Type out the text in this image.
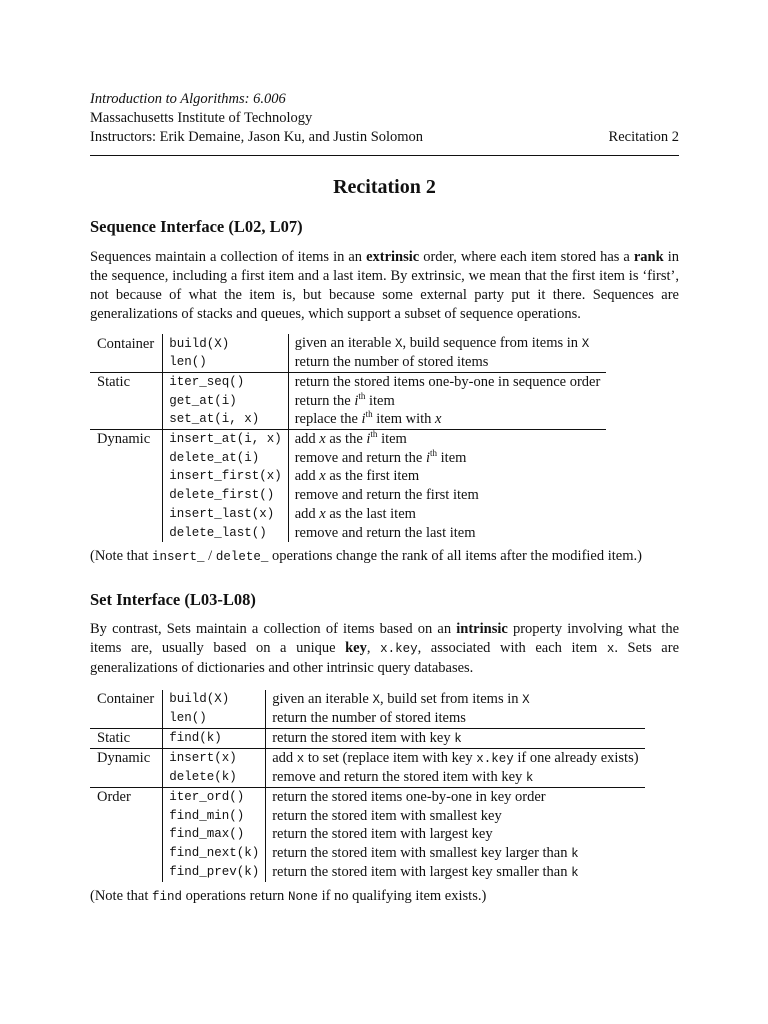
Introduction to Algorithms: 6.006
Massachusetts Institute of Technology
Instructors: Erik Demaine, Jason Ku, and Justin Solomon	Recitation 2
Recitation 2
Sequence Interface (L02, L07)

Sequences maintain a collection of items in an extrinsic order, where each item stored has a rank in the sequence, including a first item and a last item. By extrinsic, we mean that the first item is ‘first’, not because of what the item is, but because some external party put it there. Sequences are generalizations of stacks and queues, which support a subset of sequence operations.

Container	build(X)	given an iterable X, build sequence from items in X
	len()	return the number of stored items
Static	iter_seq()	return the stored items one-by-one in sequence order
	get_at(i)	return the $i^{th}$ item
	set_at(i, x)	replace the $i^{th}$ item with x
Dynamic	insert_at(i, x)	add x as the $i^{th}$ item
	delete_at(i)	remove and return the $i^{th}$ item
	insert_first(x)	add x as the first item
	delete_first()	remove and return the first item
	insert_last(x)	add x as the last item
	delete_last()	remove and return the last item

(Note that insert_ / delete_ operations change the rank of all items after the modified item.)

Set Interface (L03-L08)

By contrast, Sets maintain a collection of items based on an intrinsic property involving what the items are, usually based on a unique key, x.key, associated with each item x. Sets are generalizations of dictionaries and other intrinsic query databases.

Container	build(X)	given an iterable X, build set from items in X
	len()	return the number of stored items
Static	find(k)	return the stored item with key k
Dynamic	insert(x)	add x to set (replace item with key x.key if one already exists)
	delete(k)	remove and return the stored item with key k
Order	iter_ord()	return the stored items one-by-one in key order
	find_min()	return the stored item with smallest key
	find_max()	return the stored item with largest key
	find_next(k)	return the stored item with smallest key larger than k
	find_prev(k)	return the stored item with largest key smaller than k

(Note that find operations return None if no qualifying item exists.)
